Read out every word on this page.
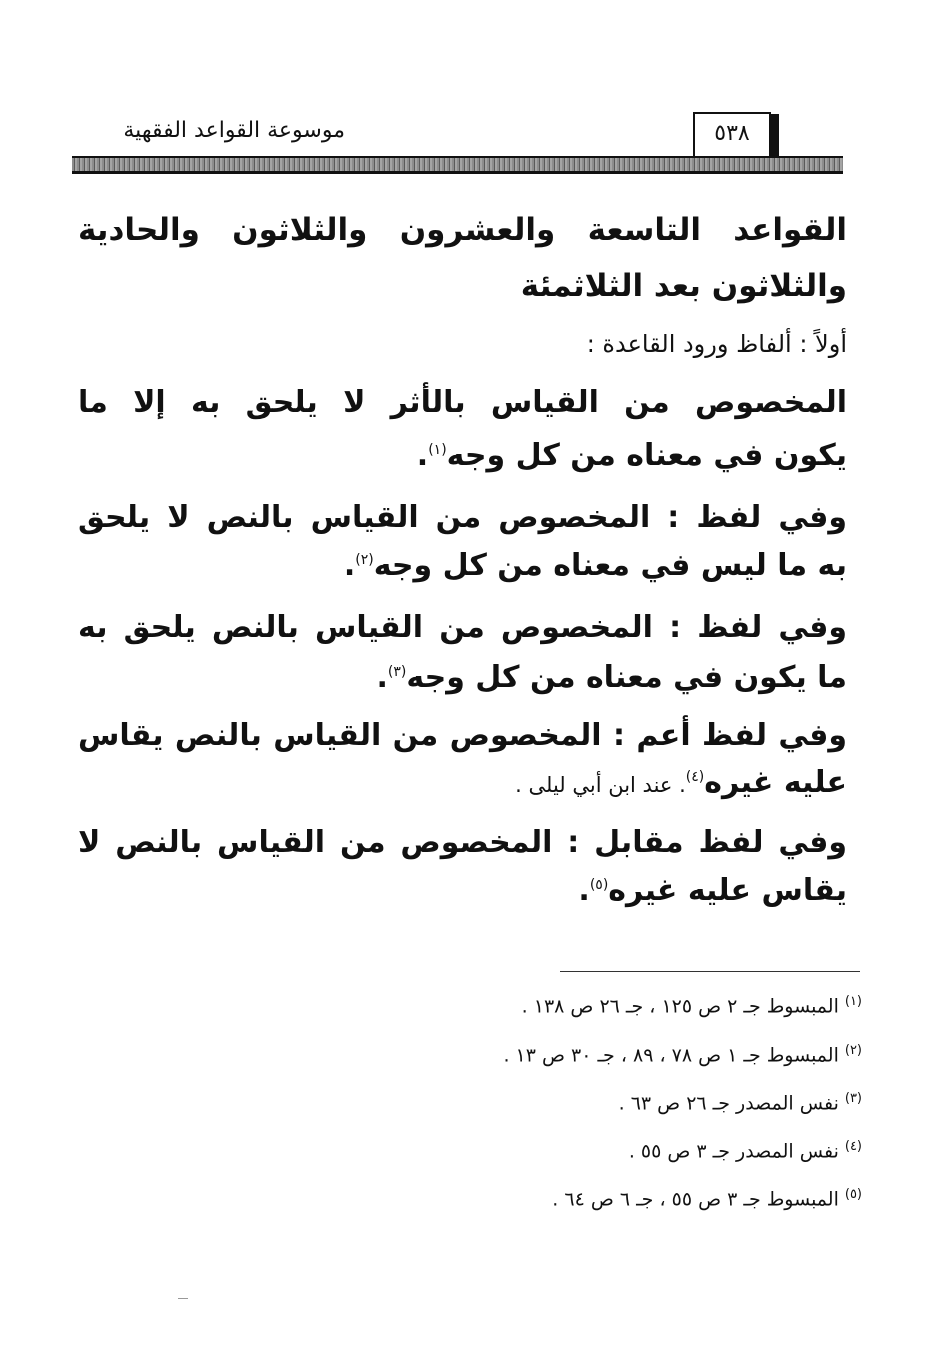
موسوعة القواعد الفقهية	٥٣٨
القواعد التاسعة والعشرون والثلاثون والحادية
والثلاثون بعد الثلاثمئة
أولاً : ألفاظ ورود القاعدة :
المخصوص من القياس بالأثر لا يلحق به إلا ما
يكون في معناه من كل وجه$^{(١)}$.
وفي لفظ : المخصوص من القياس بالنص لا يلحق
به ما ليس في معناه من كل وجه$^{(٢)}$.
وفي لفظ : المخصوص من القياس بالنص يلحق به
ما يكون في معناه من كل وجه$^{(٣)}$.
وفي لفظ أعم : المخصوص من القياس بالنص يقاس
عليه غيره$^{(٤)}$. عند ابن أبي ليلى .
وفي لفظ مقابل : المخصوص من القياس بالنص لا
يقاس عليه غيره$^{(٥)}$.
$^{(١)}$المبسوط جـ ٢ ص ١٢٥ ، جـ ٢٦ ص ١٣٨ .
$^{(٢)}$المبسوط جـ ١ ص ٧٨ ، ٨٩ ، جـ ٣٠ ص ١٣ .
$^{(٣)}$نفس المصدر جـ ٢٦ ص ٦٣ .
$^{(٤)}$نفس المصدر جـ ٣ ص ٥٥ .
$^{(٥)}$المبسوط جـ ٣ ص ٥٥ ، جـ ٦ ص ٦٤ .
